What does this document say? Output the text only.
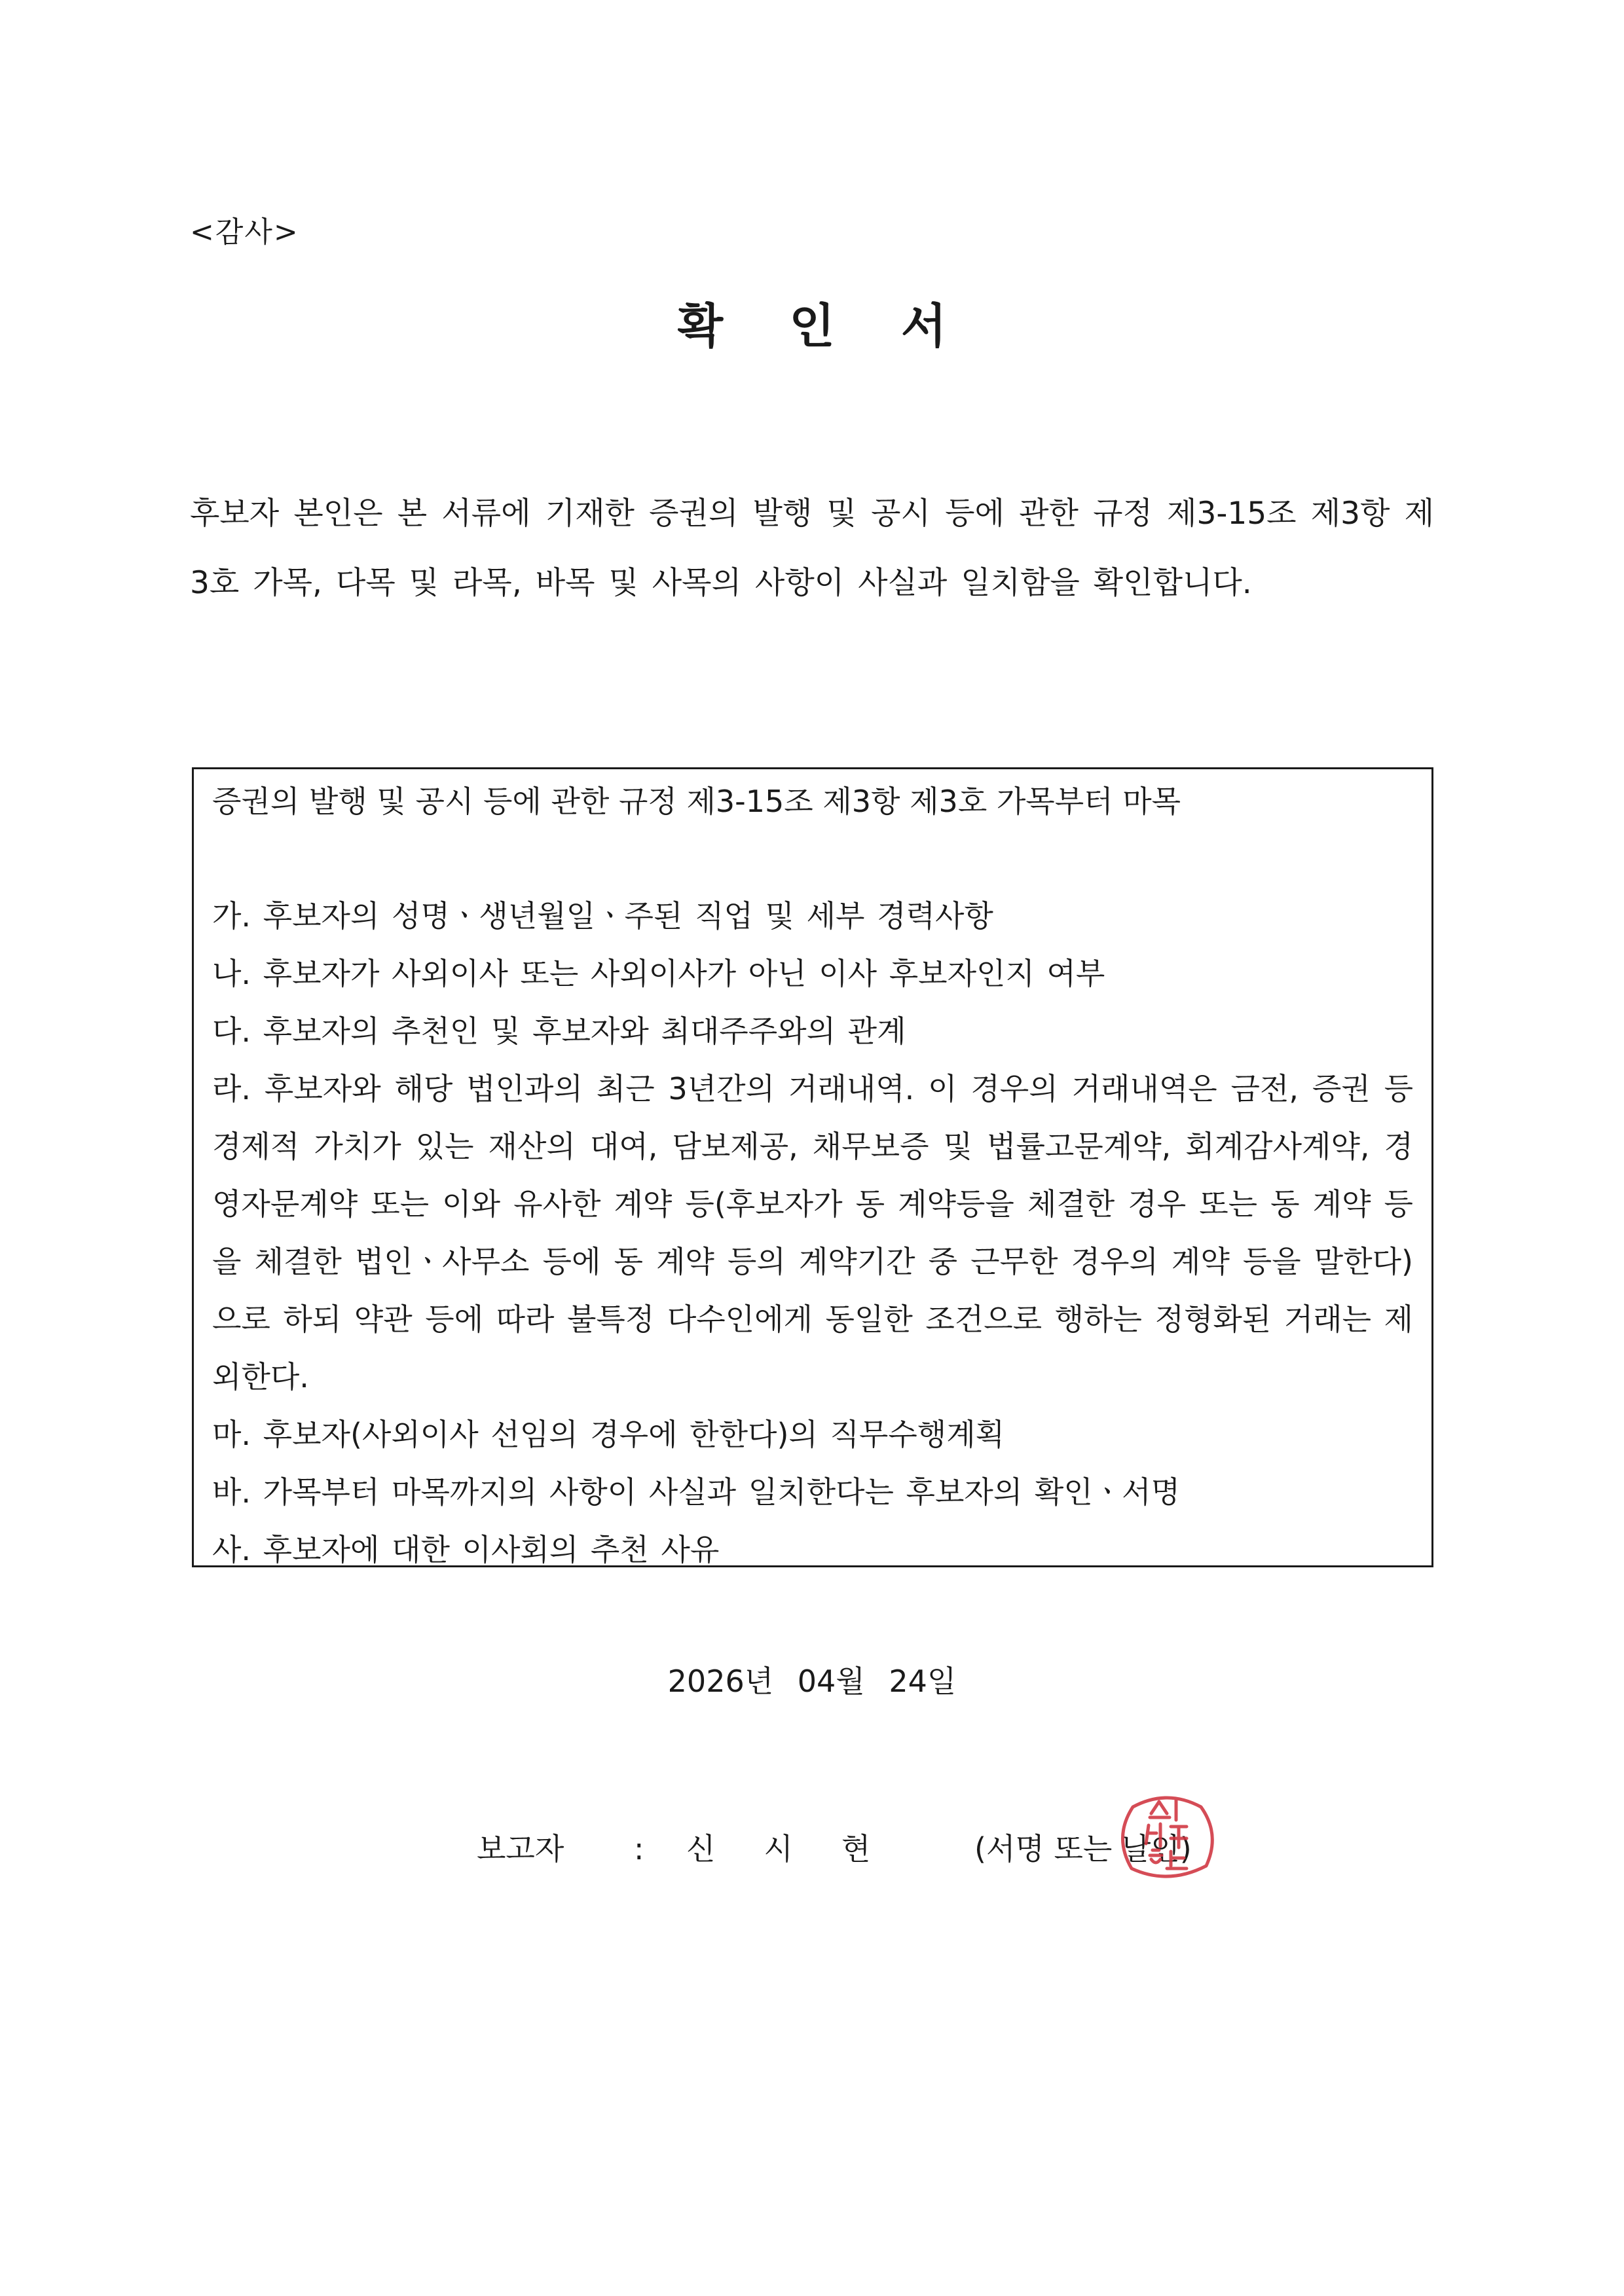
<감사>
확 인 서
후보자 본인은 본 서류에 기재한 증권의 발행 및 공시 등에 관한 규정 제3-15조 제3항 제3호 가목, 다목 및 라목, 바목 및 사목의 사항이 사실과 일치함을 확인합니다.
증권의 발행 및 공시 등에 관한 규정 제3-15조 제3항 제3호 가목부터 마목

가. 후보자의 성명ㆍ생년월일ㆍ주된 직업 및 세부 경력사항

나. 후보자가 사외이사 또는 사외이사가 아닌 이사 후보자인지 여부

다. 후보자의 추천인 및 후보자와 최대주주와의 관계

라. 후보자와 해당 법인과의 최근 3년간의 거래내역. 이 경우의 거래내역은 금전, 증권 등 경제적 가치가 있는 재산의 대여, 담보제공, 채무보증 및 법률고문계약, 회계감사계약, 경영자문계약 또는 이와 유사한 계약 등(후보자가 동 계약등을 체결한 경우 또는 동 계약 등을 체결한 법인ㆍ사무소 등에 동 계약 등의 계약기간 중 근무한 경우의 계약 등을 말한다)으로 하되 약관 등에 따라 불특정 다수인에게 동일한 조건으로 행하는 정형화된 거래는 제외한다.

마. 후보자(사외이사 선임의 경우에 한한다)의 직무수행계획

바. 가목부터 마목까지의 사항이 사실과 일치한다는 후보자의 확인ㆍ서명

사. 후보자에 대한 이사회의 추천 사유

2026년 04월 24일
보고자 : 신시현 (서명 또는 날인)
